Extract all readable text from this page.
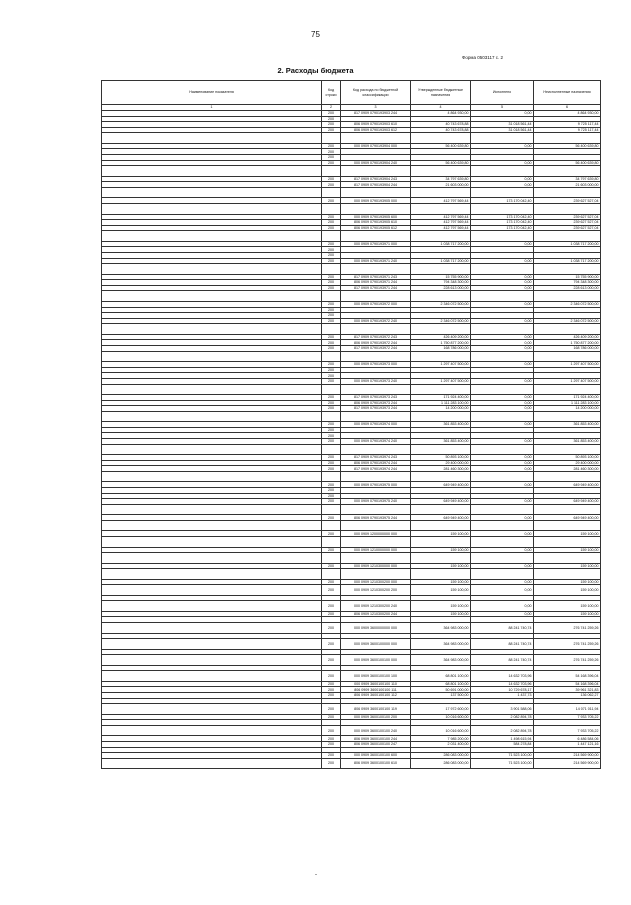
75
Форма 0503117 с. 2
2. Расходы бюджета
Наименование показателя	Код строки	Код расхода по бюджетной классификации	Утвержденные бюджетные назначения	Исполнено	Неисполненные назначения
1	2	3	4	5	6
	200	817 0909 0790193903 244	4 864 930,00	0,00	4 864 930,00
	200				
	200	806 0909 0790193903 610	40 743 678,88	31 018 561,44	9 725 117,44
	200	806 0909 0790193903 612	40 743 678,88	31 018 561,44	9 725 117,44

	200	000 0909 0790193904 000	56 400 639,80	0,00	56 400 639,80
	200				
	200				
	200	000 0909 0790193904 240	56 400 639,80	0,00	56 400 639,80

	200	817 0909 0790193904 243	34 797 639,80	0,00	34 797 639,80
	200	817 0909 0790193904 244	21 603 000,00	0,00	21 603 000,00

	200	000 0909 0790193905 000	412 797 569,44	173 170 042,40	239 627 527,04

	200	000 0909 0790193905 600	412 797 569,44	173 170 042,40	239 627 527,04
	200	806 0909 0790193905 610	412 797 569,44	173 170 042,40	239 627 527,04
	200	806 0909 0790193905 612	412 797 569,44	173 170 042,40	239 627 527,04

	200	000 0909 0790193971 000	1 038 717 200,00	0,00	1 038 717 200,00
	200				
	200				
	200	000 0909 0790193971 240	1 038 717 200,00	0,00	1 038 717 200,00

	200	817 0909 0790193971 243	15 755 900,00	0,00	15 755 900,00
	200	806 0909 0790193971 244	794 348 300,00	0,00	794 348 300,00
	200	817 0909 0790193971 244	228 613 000,00	0,00	228 613 000,00

	200	000 0909 0790193972 000	2 346 072 500,00	0,00	2 346 072 500,00
	200				
	200				
	200	000 0909 0790193972 240	2 346 072 500,00	0,00	2 346 072 500,00

	200	817 0909 0790193972 243	426 409 200,00	0,00	426 409 200,00
	200	806 0909 0790193972 244	1 750 877 200,00	0,00	1 750 877 200,00
	200	817 0909 0790193972 244	168 786 000,00	0,00	168 786 000,00

	200	000 0909 0790193973 000	1 297 407 500,00	0,00	1 297 407 500,00
	200				
	200				
	200	000 0909 0790193973 240	1 297 407 500,00	0,00	1 297 407 500,00

	200	817 0909 0790193973 243	171 924 400,00	0,00	171 924 400,00
	200	806 0909 0790193973 244	1 111 283 100,00	0,00	1 111 283 100,00
	200	817 0909 0790193973 244	14 200 000,00	0,00	14 200 000,00

	200	000 0909 0790193974 000	361 853 400,00	0,00	361 853 400,00
	200				
	200				
	200	000 0909 0790193974 240	361 853 400,00	0,00	361 853 400,00

	200	817 0909 0790193974 243	50 893 100,00	0,00	50 893 100,00
	200	806 0909 0790193974 244	29 400 000,00	0,00	29 400 000,00
	200	817 0909 0790193974 244	281 460 300,00	0,00	281 460 300,00

	200	000 0909 0790193975 000	649 949 400,00	0,00	649 949 400,00
	200				
	200				
	200	000 0909 0790193975 240	649 949 400,00	0,00	649 949 400,00

	200	806 0909 0790193975 244	649 949 400,00	0,00	649 949 400,00

	200	000 0909 1200000000 000	159 100,00	0,00	159 100,00

	200	000 0909 1210000000 000	159 100,00	0,00	159 100,00

	200	000 0909 1210300000 000	159 100,00	0,00	159 100,00

	200	000 0909 1210300200 000	159 100,00	0,00	159 100,00
	200	000 0909 1210300200 200	159 100,00	0,00	159 100,00

	200	000 0909 1210300200 240	159 100,00	0,00	159 100,00
	200	806 0909 1210300200 244	159 100,00	0,00	159 100,00

	200	000 0909 3600000000 000	364 983 000,00	88 241 740,74	276 741 259,26

	200	000 0909 3600100000 000	364 983 000,00	88 241 740,74	276 741 259,26

	200	000 0909 3600100100 000	364 983 000,00	88 241 740,74	276 741 259,26

	200	000 0909 3600100100 100	68 801 100,00	14 632 703,96	54 168 396,04
	200	000 0909 3600100100 110	68 801 100,00	14 632 703,96	54 168 396,04
	200	806 0909 3600100100 111	50 691 000,00	10 729 678,17	39 961 321,83
	200	806 0909 3600100100 112	137 500,00	1 437,73	136 062,27

	200	806 0909 3600100100 119	17 972 600,00	3 901 588,06	14 071 011,94
	200	000 0909 3600100100 200	10 016 600,00	2 082 894,78	7 933 705,22

	200	000 0909 3600100100 240	10 016 600,00	2 082 894,78	7 933 705,22
	200	806 0909 3600100100 244	7 985 200,00	1 498 615,94	6 486 584,06
	200	806 0909 3600100100 247	2 031 400,00	584 278,84	1 447 121,16

	200	000 0909 3600100100 600	286 083 000,00	71 523 100,00	214 569 900,00
	200	806 0909 3600100100 610	286 083 000,00	71 523 100,00	214 569 900,00
-
